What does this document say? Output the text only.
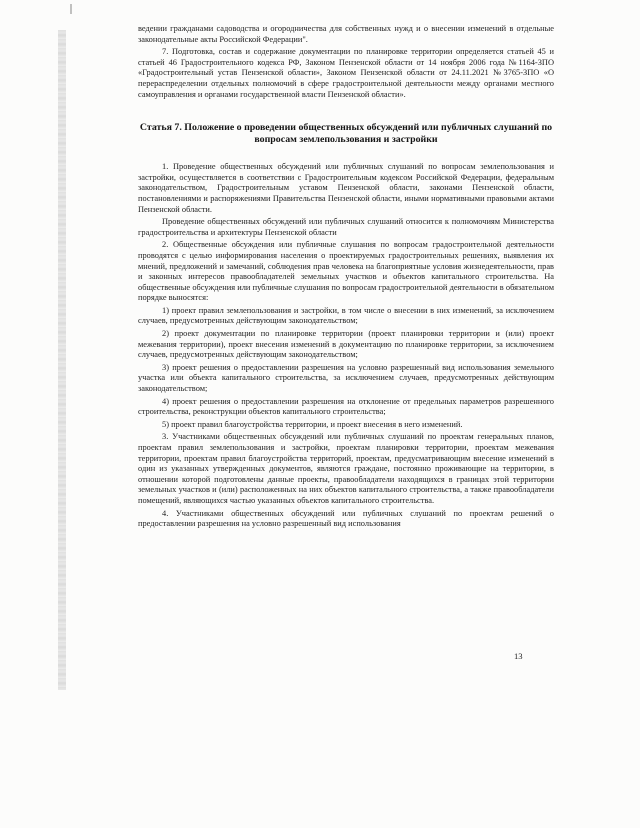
ведении гражданами садоводства и огородничества для собственных нужд и о внесении изменений в отдельные законодательные акты Российской Федерации".

7. Подготовка, состав и содержание документации по планировке территории определяется статьей 45 и статьей 46 Градостроительного кодекса РФ, Законом Пензенской области от 14 ноября 2006 года №1164-ЗПО «Градостроительный устав Пензенской области», Законом Пензенской области от 24.11.2021 №3765-ЗПО «О перераспределении отдельных полномочий в сфере градостроительной деятельности между органами местного самоуправления и органами государственной власти Пензенской области».

Статья 7. Положение о проведении общественных обсуждений или публичных слушаний по вопросам землепользования и застройки

1. Проведение общественных обсуждений или публичных слушаний по вопросам землепользования и застройки, осуществляется в соответствии с Градостроительным кодексом Российской Федерации, федеральным законодательством, Градостроительным уставом Пензенской области, законами Пензенской области, постановлениями и распоряжениями Правительства Пензенской области, иными нормативными правовыми актами Пензенской области.

Проведение общественных обсуждений или публичных слушаний относится к полномочиям Министерства градостроительства и архитектуры Пензенской области

2. Общественные обсуждения или публичные слушания по вопросам градостроительной деятельности проводятся с целью информирования населения о проектируемых градостроительных решениях, выявления их мнений, предложений и замечаний, соблюдения прав человека на благоприятные условия жизнедеятельности, прав и законных интересов правообладателей земельных участков и объектов капитального строительства. На общественные обсуждения или публичные слушания по вопросам градостроительной деятельности в обязательном порядке выносятся:

1) проект правил землепользования и застройки, в том числе о внесении в них изменений, за исключением случаев, предусмотренных действующим законодательством;

2) проект документации по планировке территории (проект планировки территории и (или) проект межевания территории), проект внесения изменений в документацию по планировке территории, за исключением случаев, предусмотренных действующим законодательством;

3) проект решения о предоставлении разрешения на условно разрешенный вид использования земельного участка или объекта капитального строительства, за исключением случаев, предусмотренных действующим законодательством;

4) проект решения о предоставлении разрешения на отклонение от предельных параметров разрешенного строительства, реконструкции объектов капитального строительства;

5) проект правил благоустройства территории, и проект внесения в него изменений.

3. Участниками общественных обсуждений или публичных слушаний по проектам генеральных планов, проектам правил землепользования и застройки, проектам планировки территории, проектам межевания территории, проектам правил благоустройства территорий, проектам, предусматривающим внесение изменений в один из указанных утвержденных документов, являются граждане, постоянно проживающие на территории, в отношении которой подготовлены данные проекты, правообладатели находящихся в границах этой территории земельных участков и (или) расположенных на них объектов капитального строительства, а также правообладатели помещений, являющихся частью указанных объектов капитального строительства.

4. Участниками общественных обсуждений или публичных слушаний по проектам решений о предоставлении разрешения на условно разрешенный вид использования

13
